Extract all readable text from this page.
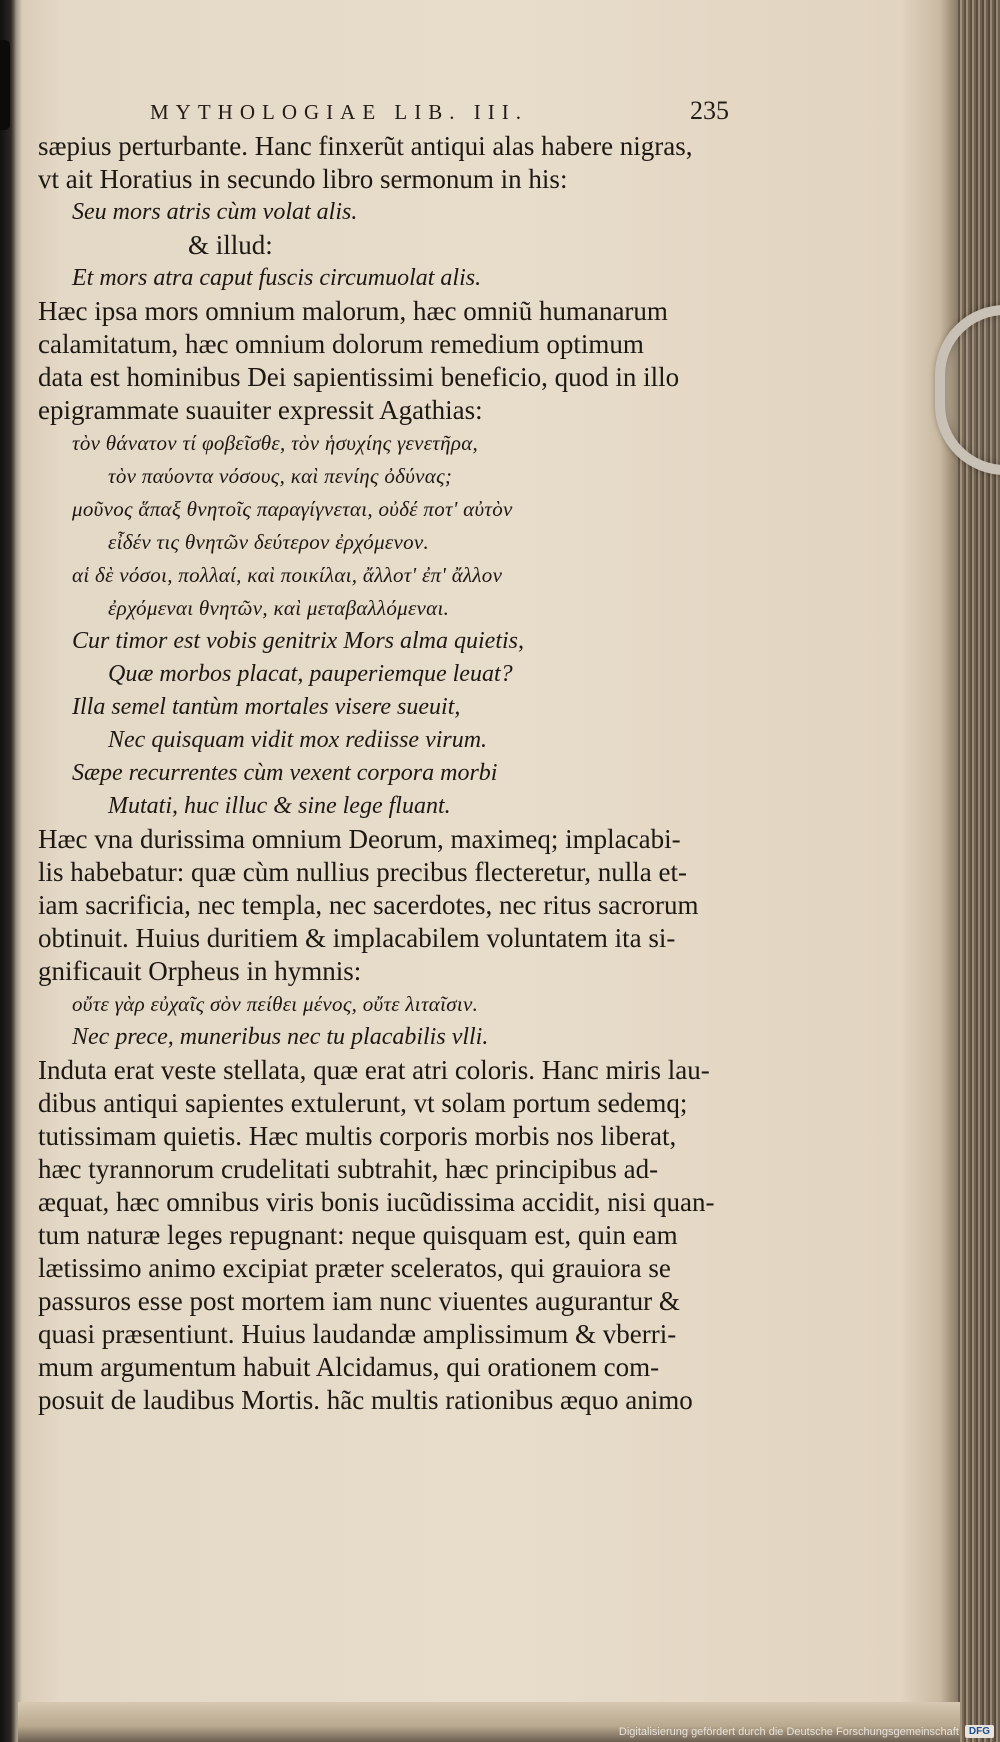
MYTHOLOGIAE LIB. III.	235
sæpius perturbante. Hanc finxerũt antiqui alas habere nigras,
vt ait Horatius in secundo libro sermonum in his:
Seu mors atris cùm volat alis.
& illud:
Et mors atra caput fuscis circumuolat alis.
Hæc ipsa mors omnium malorum, hæc omniũ humanarum
calamitatum, hæc omnium dolorum remedium optimum
data est hominibus Dei sapientissimi beneficio, quod in illo
epigrammate suauiter expressit Agathias:
τὸν θάνατον τί φοβεῖσθε, τὸν ἡσυχίης γενετῆρα,
τὸν παύοντα νόσους, καὶ πενίης ὀδύνας;
μοῦνος ἅπαξ θνητοῖς παραγίγνεται, οὐδέ ποτ' αὐτὸν
εἶδέν τις θνητῶν δεύτερον ἐρχόμενον.
αἱ δὲ νόσοι, πολλαί, καὶ ποικίλαι, ἄλλοτ' ἐπ' ἄλλον
ἐρχόμεναι θνητῶν, καὶ μεταβαλλόμεναι.
Cur timor est vobis genitrix Mors alma quietis,
Quæ morbos placat, pauperiemque leuat?
Illa semel tantùm mortales visere sueuit,
Nec quisquam vidit mox rediisse virum.
Sæpe recurrentes cùm vexent corpora morbi
Mutati, huc illuc & sine lege fluant.
Hæc vna durissima omnium Deorum, maximeq; implacabi-
lis habebatur: quæ cùm nullius precibus flecteretur, nulla et-
iam sacrificia, nec templa, nec sacerdotes, nec ritus sacrorum
obtinuit. Huius duritiem & implacabilem voluntatem ita si-
gnificauit Orpheus in hymnis:
οὔτε γὰρ εὐχαῖς σὸν πείθει μένος, οὔτε λιταῖσιν.
Nec prece, muneribus nec tu placabilis vlli.
Induta erat veste stellata, quæ erat atri coloris. Hanc miris lau-
dibus antiqui sapientes extulerunt, vt solam portum sedemq;
tutissimam quietis. Hæc multis corporis morbis nos liberat,
hæc tyrannorum crudelitati subtrahit, hæc principibus ad-
æquat, hæc omnibus viris bonis iucũdissima accidit, nisi quan-
tum naturæ leges repugnant: neque quisquam est, quin eam
lætissimo animo excipiat præter sceleratos, qui grauiora se
passuros esse post mortem iam nunc viuentes augurantur &
quasi præsentiunt. Huius laudandæ amplissimum & vberri-
mum argumentum habuit Alcidamus, qui orationem com-
posuit de laudibus Mortis. hãc multis rationibus æquo animo
Digitalisierung gefördert durch die Deutsche Forschungsgemeinschaft	DFG
